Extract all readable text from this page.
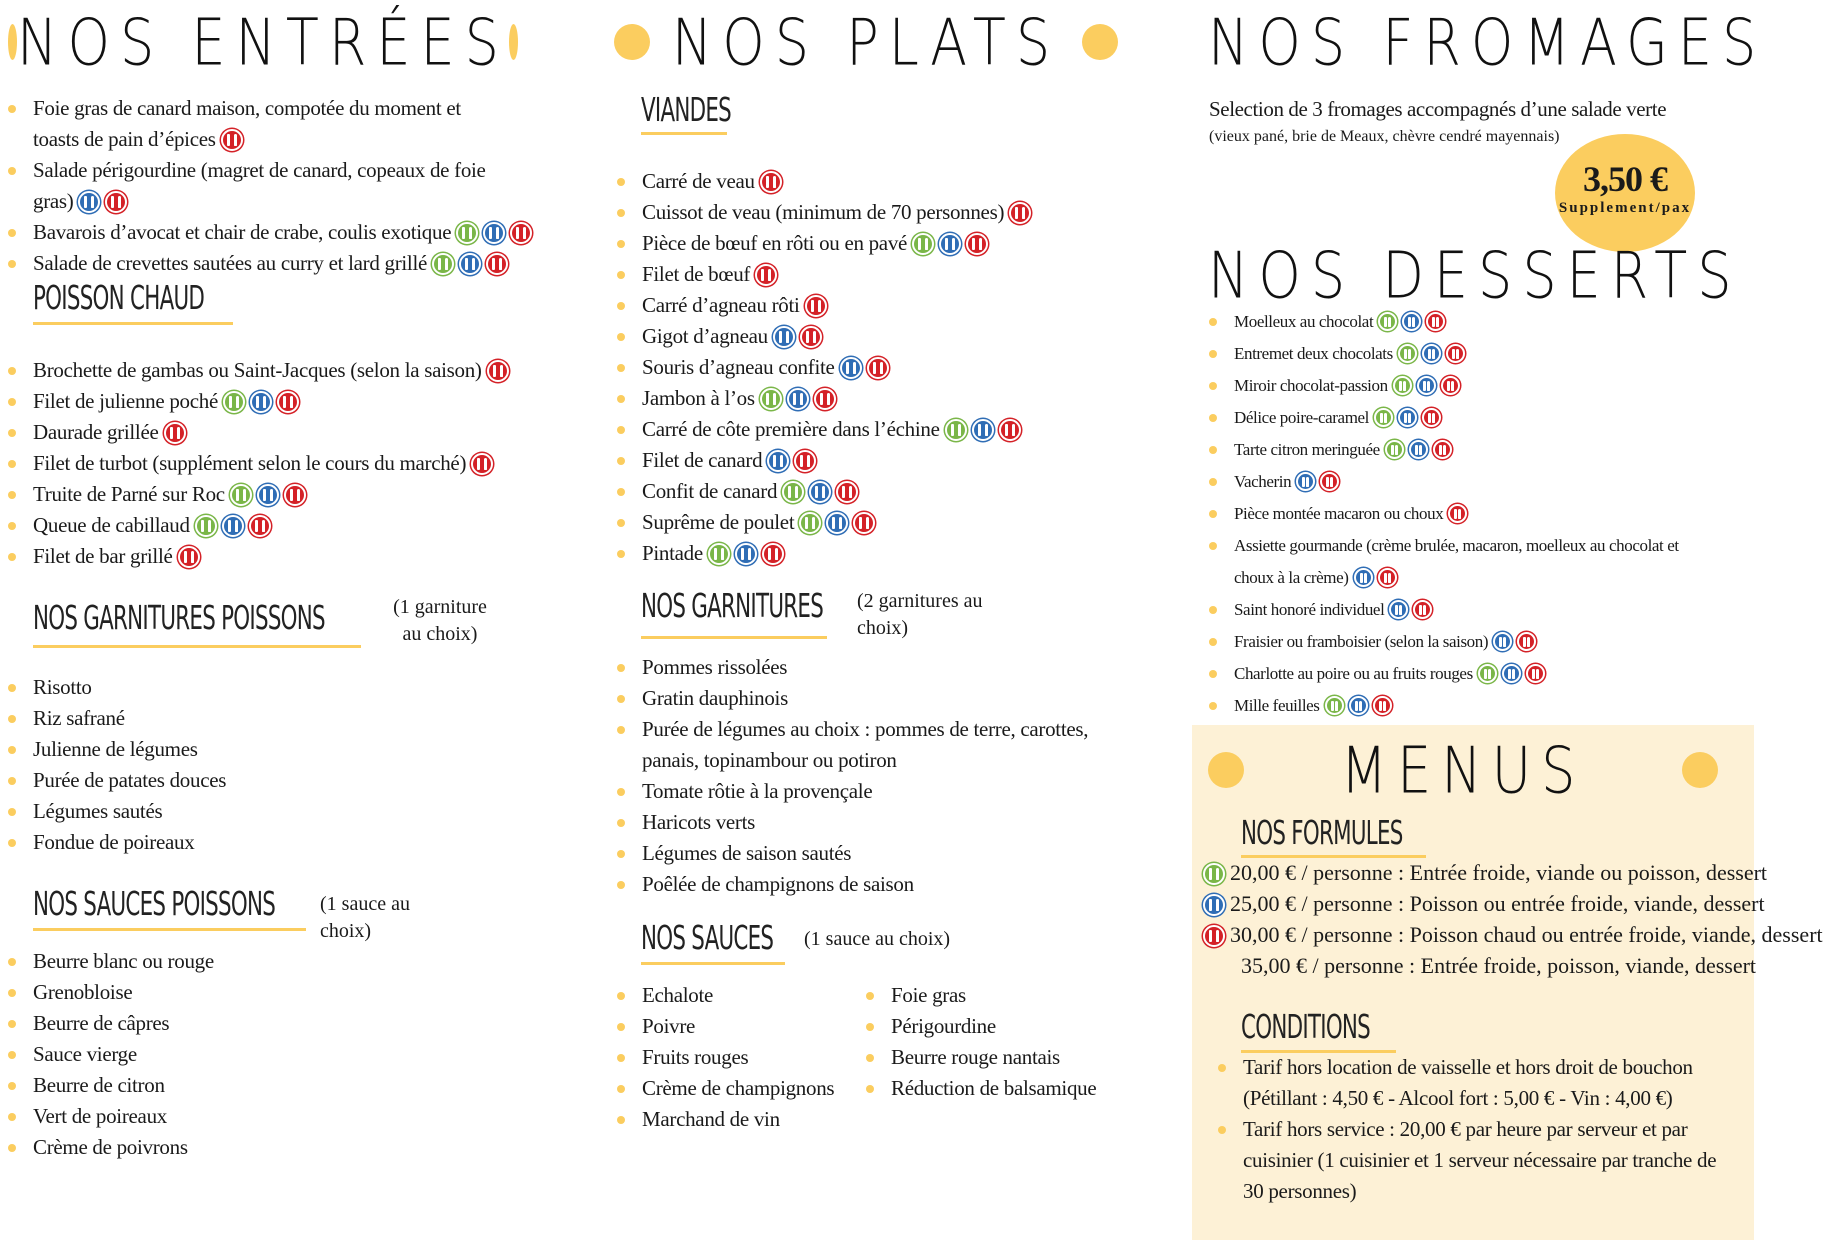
NOS ENTRÉES
Foie gras de canard maison, compotée du moment et toasts de pain d’épices
Salade périgourdine (magret de canard, copeaux de foie gras)
Bavarois d’avocat et chair de crabe, coulis exotique
Salade de crevettes sautées au curry et lard grillé
POISSON CHAUD
Brochette de gambas ou Saint-Jacques (selon la saison)
Filet de julienne poché
Daurade grillée
Filet de turbot (supplément selon le cours du marché)
Truite de Parné sur Roc
Queue de cabillaud
Filet de bar grillé
NOS GARNITURES POISSONS	(1 garniture au choix)
Risotto
Riz safrané
Julienne de légumes
Purée de patates douces
Légumes sautés
Fondue de poireaux
NOS SAUCES POISSONS (1 sauce au choix)
Beurre blanc ou rouge
Grenobloise
Beurre de câpres
Sauce vierge
Beurre de citron
Vert de poireaux
Crème de poivrons
NOS PLATS
VIANDES
Carré de veau
Cuissot de veau (minimum de 70 personnes)
Pièce de bœuf en rôti ou en pavé
Filet de bœuf
Carré d’agneau rôti
Gigot d’agneau
Souris d’agneau confite
Jambon à l’os
Carré de côte première dans l’échine
Filet de canard
Confit de canard
Suprême de poulet
Pintade
NOS GARNITURES (2 garnitures au choix)
Pommes rissolées
Gratin dauphinois
Purée de légumes au choix : pommes de terre, carottes, panais, topinambour ou potiron
Tomate rôtie à la provençale
Haricots verts
Légumes de saison sautés
Poêlée de champignons de saison
NOS SAUCES (1 sauce au choix)
Echalote
Poivre
Fruits rouges
Crème de champignons
Marchand de vin
Foie gras
Périgourdine
Beurre rouge nantais
Réduction de balsamique
NOS FROMAGES
Selection de 3 fromages accompagnés d’une salade verte
(vieux pané, brie de Meaux, chèvre cendré mayennais)
3,50 €
Supplement/pax
NOS DESSERTS
Moelleux au chocolat
Entremet deux chocolats
Miroir chocolat-passion
Délice poire-caramel
Tarte citron meringuée
Vacherin
Pièce montée macaron ou choux
Assiette gourmande (crème brulée, macaron, moelleux au chocolat et choux à la crème)
Saint honoré individuel
Fraisier ou framboisier (selon la saison)
Charlotte au poire ou au fruits rouges
Mille feuilles
MENUS
NOS FORMULES
20,00 € / personne : Entrée froide, viande ou poisson, dessert
25,00 € / personne : Poisson ou entrée froide, viande, dessert
30,00 € / personne : Poisson chaud ou entrée froide, viande, dessert
35,00 € / personne : Entrée froide, poisson, viande, dessert
CONDITIONS
Tarif hors location de vaisselle et hors droit de bouchon (Pétillant : 4,50 € - Alcool fort : 5,00 € - Vin : 4,00 €)
Tarif hors service : 20,00 € par heure par serveur et par cuisinier (1 cuisinier et 1 serveur nécessaire par tranche de 30 personnes)
